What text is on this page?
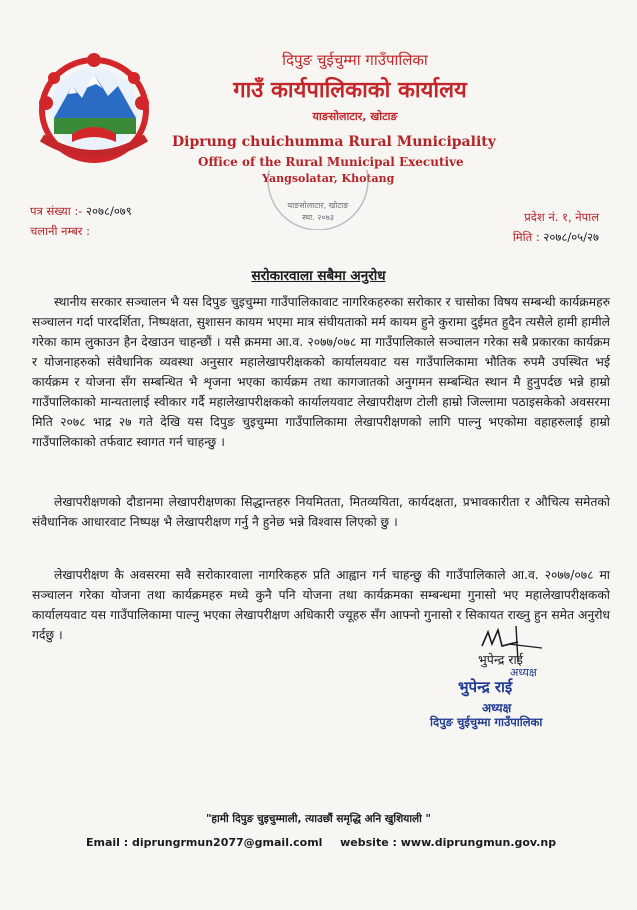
दिपुङ चुईचुम्मा गाउँपालिका
गाउँ कार्यपालिकाको कार्यालय
याङसोलाटार, खोटाङ
Diprung chuichumma Rural Municipality
Office of the Rural Municipal Executive
Yangsolatar, Khotang
याङसोलाटार, खोटाङ
स्था. २०७३
पत्र संख्या :- २०७८/०७९
चलानी नम्बर :
प्रदेश नं. १, नेपाल
मिति : २०७८/०५/२७
सरोकारवाला सबैमा अनुरोध

स्थानीय सरकार सञ्चालन भै यस दिपुङ चुइचुम्मा गाउँपालिकावाट नागरिकहरुका सरोकार र चासोका विषय सम्बन्धी कार्यक्रमहरु सञ्चालन गर्दा पारदर्शिता, निष्पक्षता, सुशासन कायम भएमा मात्र संघीयताको मर्म कायम हुने कुरामा दुईमत हुदैन त्यसैले हामी हामीले गरेका काम लुकाउन हैन देखाउन चाहन्छौं । यसै क्रममा आ.व. २०७७/०७८ मा गाउँपालिकाले सञ्चालन गरेका सबै प्रकारका कार्यक्रम र योजनाहरुको संवैधानिक व्यवस्था अनुसार महालेखापरीक्षकको कार्यालयवाट यस गाउँपालिकामा भौतिक रुपमै उपस्थित भई कार्यक्रम र योजना सँग सम्बन्धित भै शृजना भएका कार्यक्रम तथा कागजातको अनुगमन सम्बन्धित स्थान मै हुनुपर्दछ भन्ने हाम्रो गाउँपालिकाको मान्यतालाई स्वीकार गर्दै महालेखापरीक्षकको कार्यालयवाट लेखापरीक्षण टोली हाम्रो जिल्लामा पठाइसकेको अवसरमा मिति २०७८ भाद्र २७ गते देखि यस दिपुङ चुइचुम्मा गाउँपालिकामा लेखापरीक्षणको लागि पाल्नु भएकोमा वहाहरुलाई हाम्रो गाउँपालिकाको तर्फवाट स्वागत गर्न चाहन्छु ।

लेखापरीक्षणको दौडानमा लेखापरीक्षणका सिद्धान्तहरु नियमितता, मितव्ययिता, कार्यदक्षता, प्रभावकारीता र औचित्य समेतको संवैधानिक आधारवाट निष्पक्ष भै लेखापरीक्षण गर्नु नै हुनेछ भन्ने विश्वास लिएको छु ।

लेखापरीक्षण कै अवसरमा सवै सरोकारवाला नागरिकहरु प्रति आह्वान गर्न चाहन्छु की गाउँपालिकाले आ.व. २०७७/०७८ मा सञ्चालन गरेका योजना तथा कार्यक्रमहरु मध्ये कुनै पनि योजना तथा कार्यक्रमका सम्बन्धमा गुनासो भए महालेखापरीक्षकको कार्यालयवाट यस गाउँपालिकामा पाल्नु भएका लेखापरीक्षण अधिकारी ज्यूहरु सँग आफ्नो गुनासो र सिकायत राख्नु हुन समेत अनुरोध गर्दछु ।

भुपेन्द्र राई
अध्यक्ष
भुपेन्द्र राई
अध्यक्ष
दिपुङ चुईचुम्मा गाउँपालिका
"हामी दिपुङ चुइचुम्माली, त्याउछौं समृद्धि अनि खुशियाली "
Email : diprungrmun2077@gmail.coml website : www.diprungmun.gov.np
